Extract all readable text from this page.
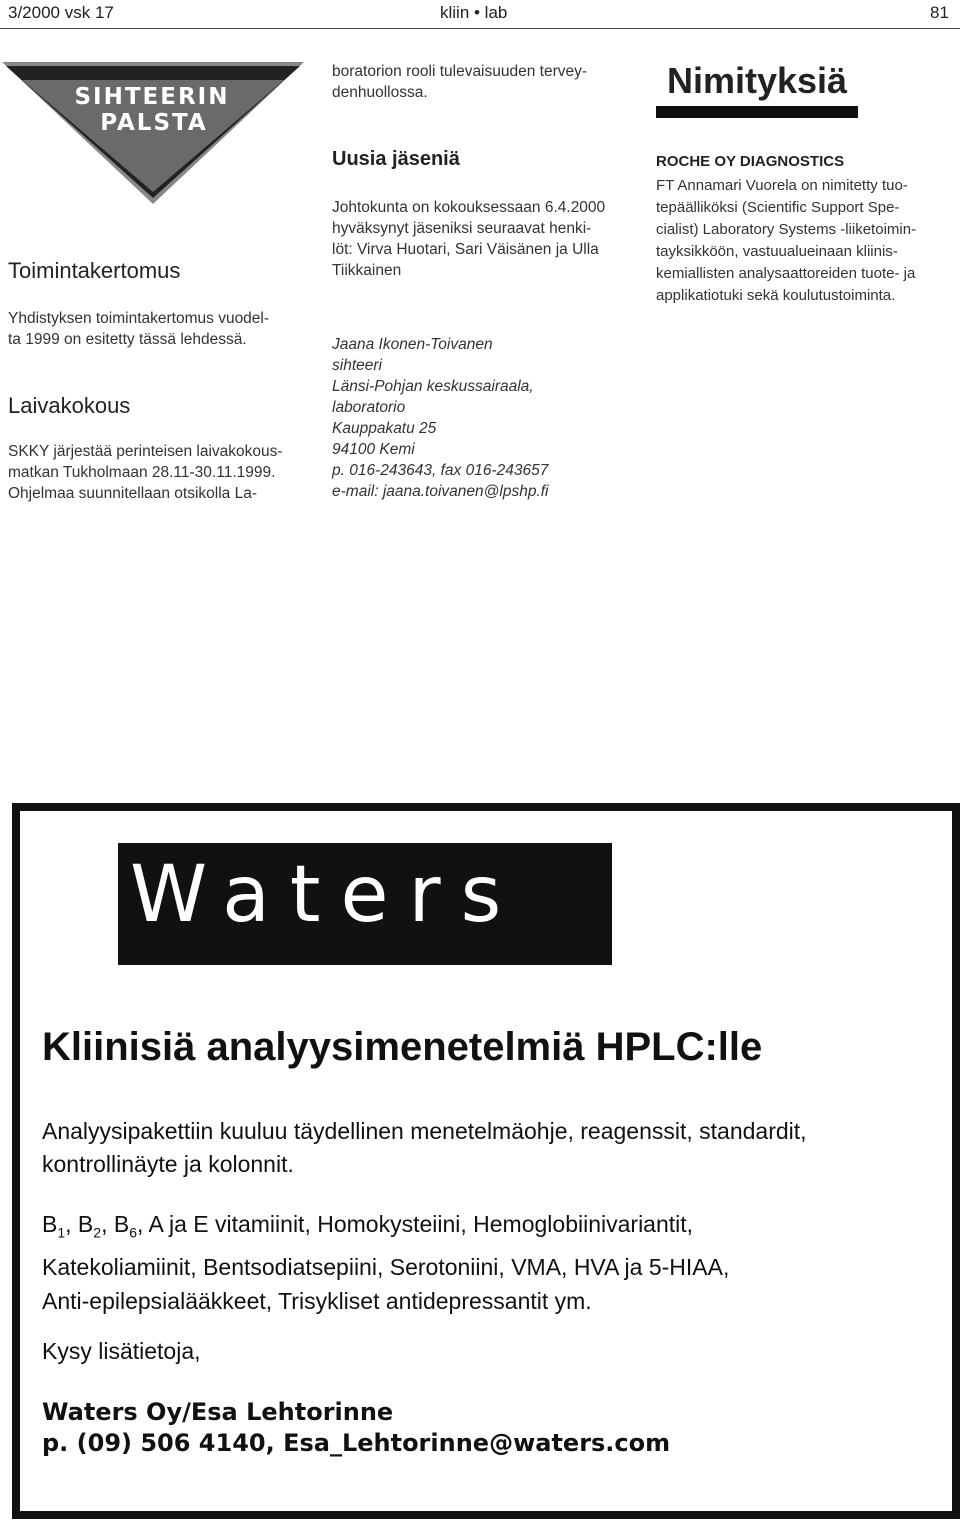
3/2000 vsk 17	kliin • lab	81
SIHTEERIN
PALSTA
Toimintakertomus
Yhdistyksen toimintakertomus vuodel-
ta 1999 on esitetty tässä lehdessä.
Laivakokous
SKKY järjestää perinteisen laivakokous-
matkan Tukholmaan 28.11-30.11.1999.
Ohjelmaa suunnitellaan otsikolla La-
boratorion rooli tulevaisuuden tervey-
denhuollossa.
Uusia jäseniä
Johtokunta on kokouksessaan 6.4.2000
hyväksynyt jäseniksi seuraavat henki-
löt: Virva Huotari, Sari Väisänen ja Ulla
Tiikkainen
Jaana Ikonen-Toivanen
sihteeri
Länsi-Pohjan keskussairaala,
laboratorio
Kauppakatu 25
94100 Kemi
p. 016-243643, fax 016-243657
e-mail: jaana.toivanen@lpshp.fi
Nimityksiä
ROCHE OY DIAGNOSTICS
FT Annamari Vuorela on nimitetty tuo-
tepäälliköksi (Scientific Support Spe-
cialist) Laboratory Systems -liiketoimin-
tayksikköön, vastuualueinaan kliinis-
kemiallisten analysaattoreiden tuote- ja
applikatiotuki sekä koulutustoiminta.
Waters
Kliinisiä analyysimenetelmiä HPLC:lle
Analyysipakettiin kuuluu täydellinen menetelmäohje, reagenssit, standardit,
kontrollinäyte ja kolonnit.
$B_1$, $B_2$, $B_6$, A ja E vitamiinit, Homokysteiini, Hemoglobiinivariantit,
Katekoliamiinit, Bentsodiatsepiini, Serotoniini, VMA, HVA ja 5-HIAA,
Anti-epilepsialääkkeet, Trisykliset antidepressantit ym.
Kysy lisätietoja,
Waters Oy/Esa Lehtorinne
p. (09) 506 4140, Esa_Lehtorinne@waters.com
